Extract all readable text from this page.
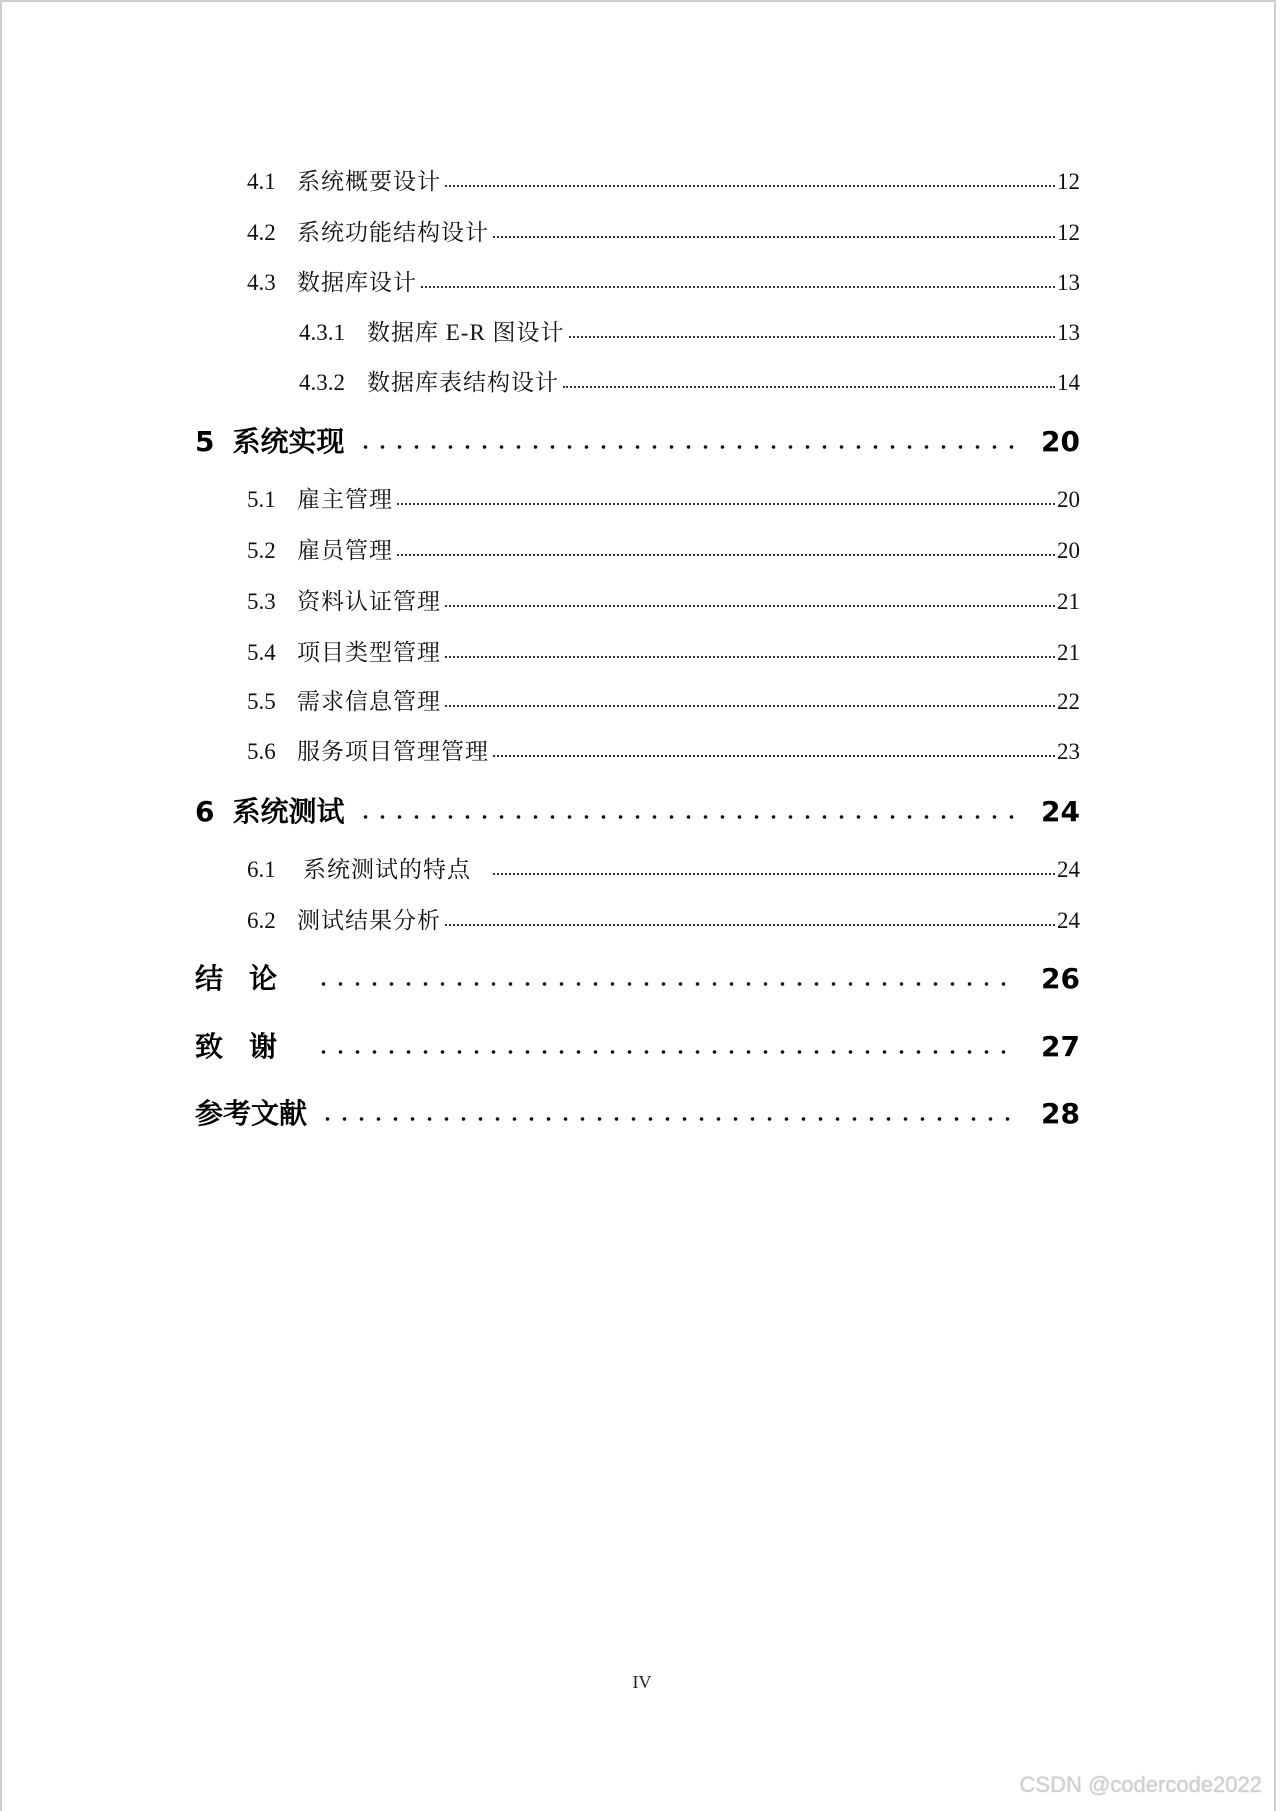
4.1 系统概要设计	12
4.2 系统功能结构设计	12
4.3 数据库设计	13
4.3.1 数据库 E-R 图设计	13
4.3.2 数据库表结构设计	14
5 系统实现	20
5.1 雇主管理	20
5.2 雇员管理	20
5.3 资料认证管理	21
5.4 项目类型管理	21
5.5 需求信息管理	22
5.6 服务项目管理管理	23
6 系统测试	24
6.1	系统测试的特点	24
6.2 测试结果分析	24
结论	26
致谢	27
参考文献	28
IV
CSDN @codercode2022
